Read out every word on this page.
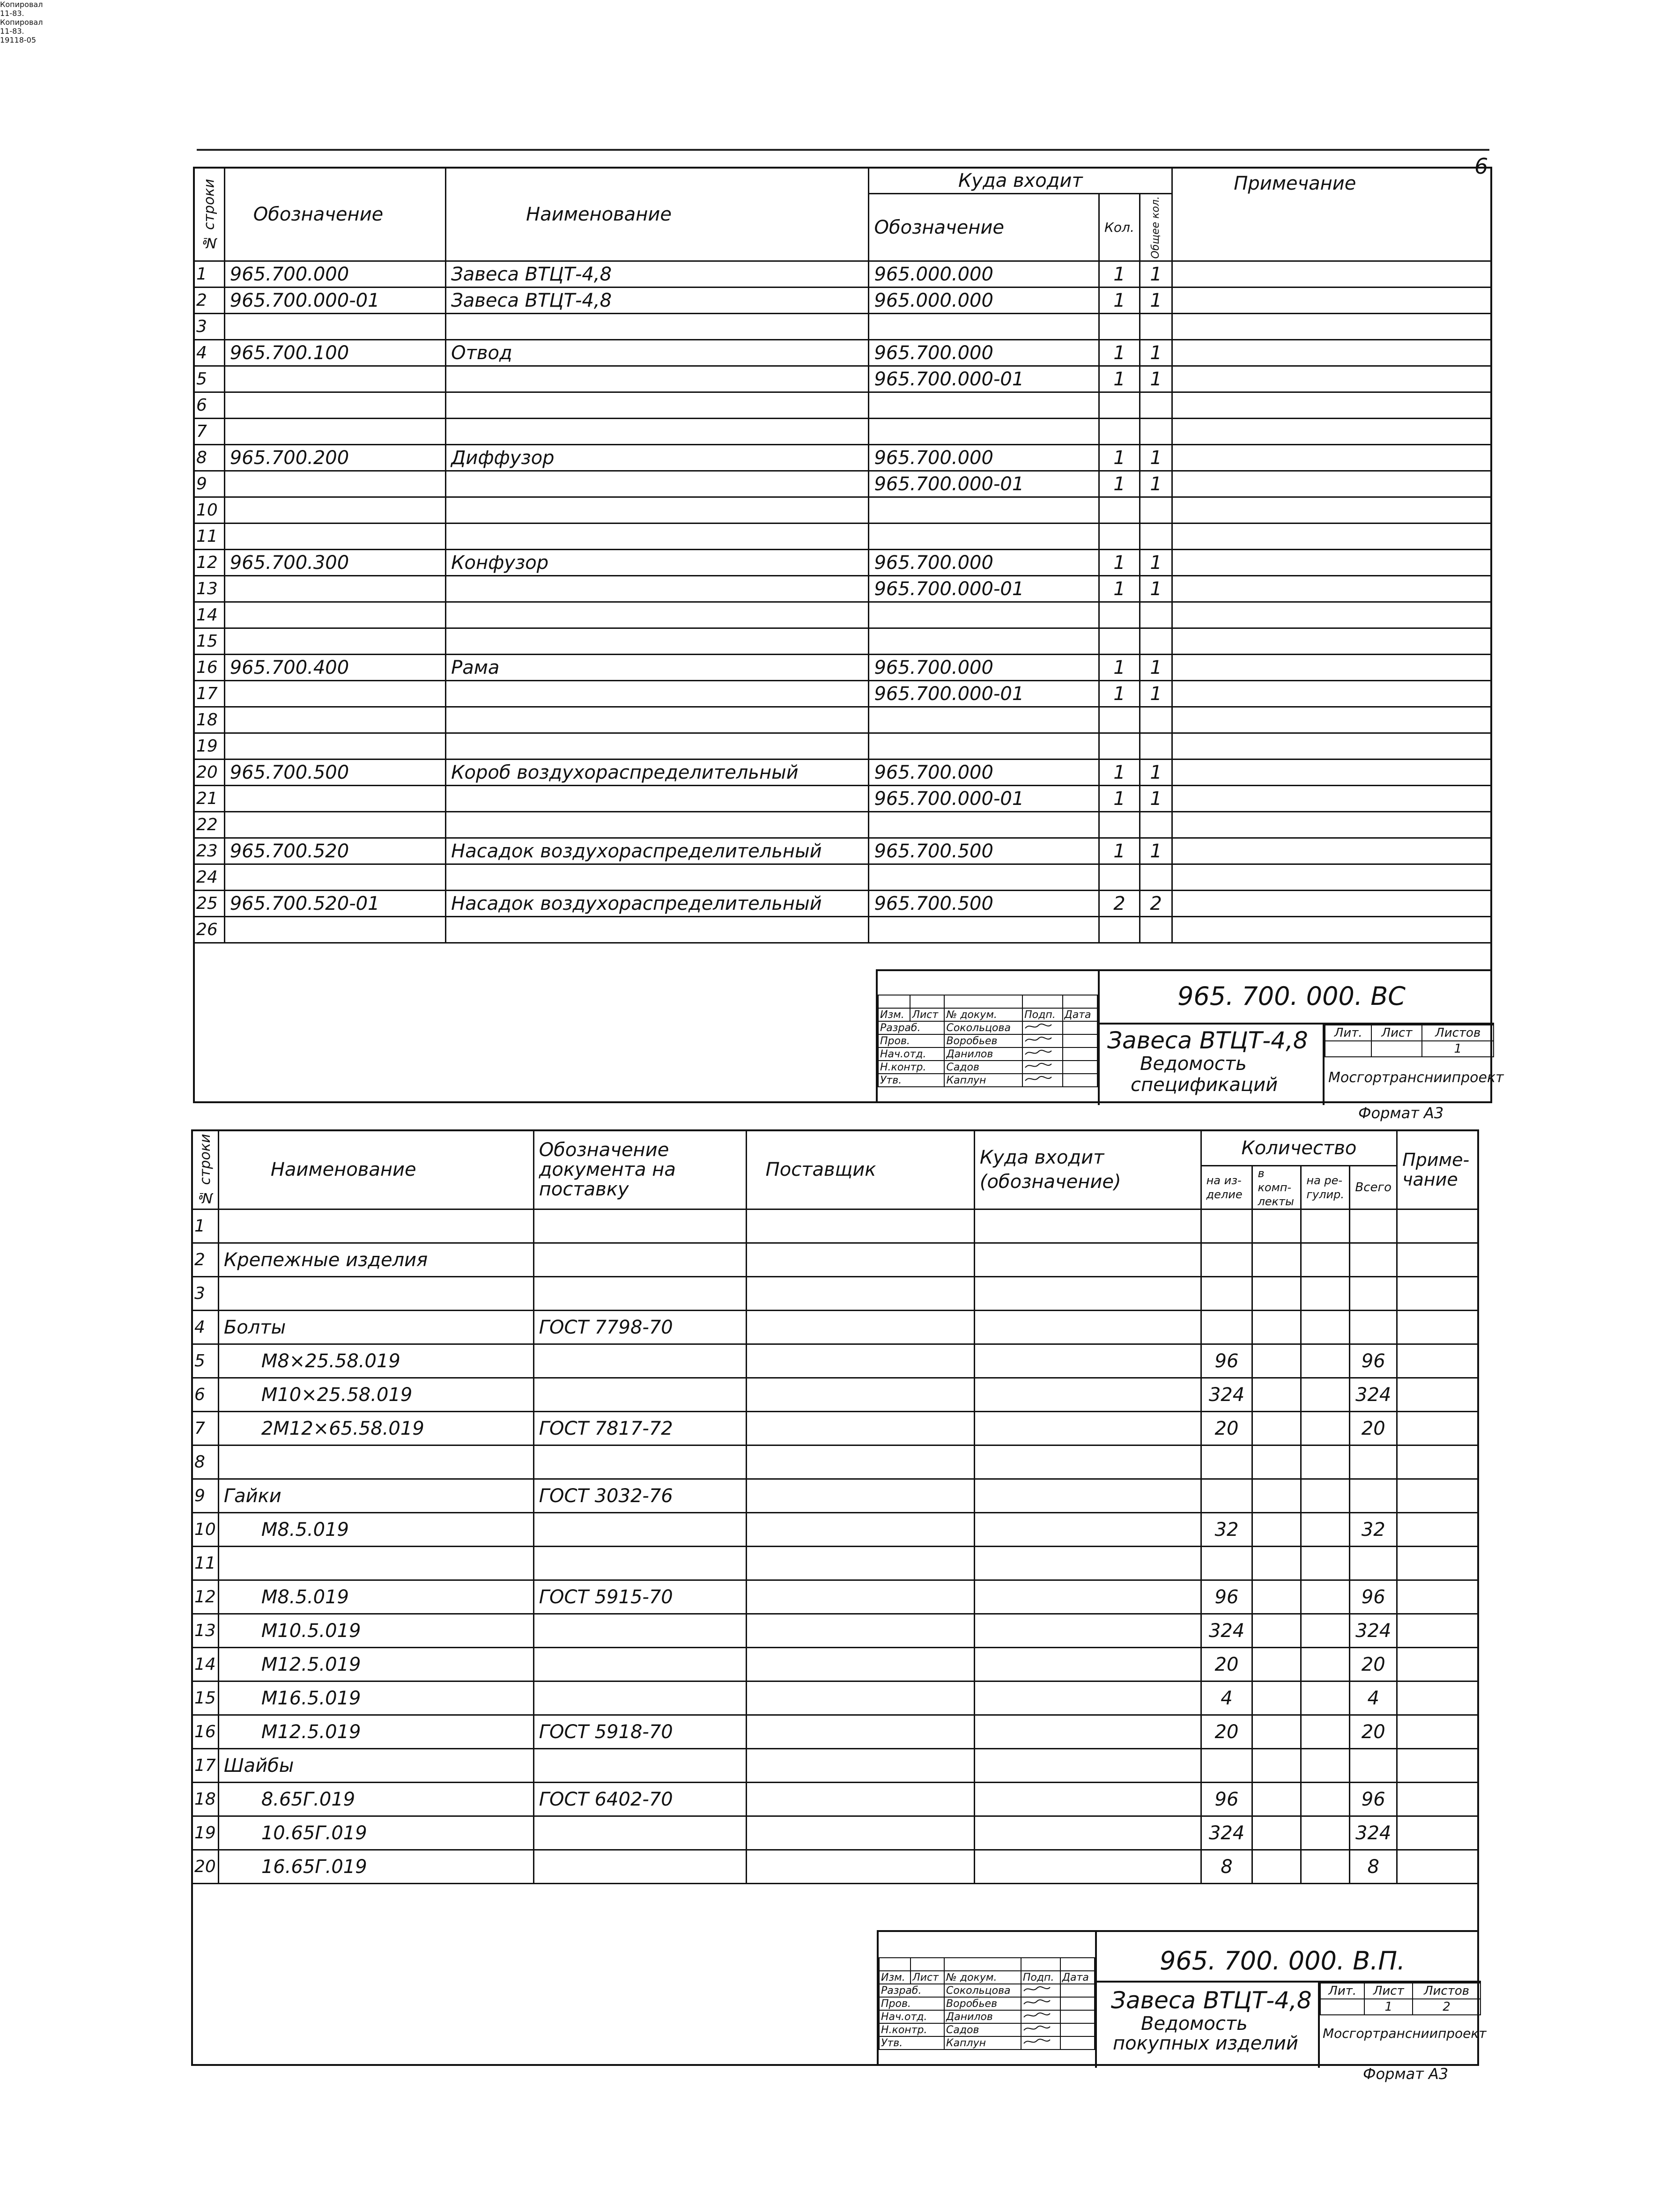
6
№ строки	Обозначение	Наименование	Куда входит			Примечание
			Обозначение	Кол.	Общее кол.	
1	965.700.000	Завеса ВТЦТ-4,8	965.000.000	1	1	
2	965.700.000-01	Завеса ВТЦТ-4,8	965.000.000	1	1	
3						
4	965.700.100	Отвод	965.700.000	1	1	
5			965.700.000-01	1	1	
6						
7						
8	965.700.200	Диффузор	965.700.000	1	1	
9			965.700.000-01	1	1	
10						
11						
12	965.700.300	Конфузор	965.700.000	1	1	
13			965.700.000-01	1	1	
14						
15						
16	965.700.400	Рама	965.700.000	1	1	
17			965.700.000-01	1	1	
18						
19						
20	965.700.500	Короб воздухораспределительный	965.700.000	1	1	
21			965.700.000-01	1	1	
22						
23	965.700.520	Насадок воздухораспределительный	965.700.500	1	1	
24						
25	965.700.520-01	Насадок воздухораспределительный	965.700.500	2	2	
26						

965. 700. 000. ВС
Завеса ВТЦТ-4,8
Ведомость
спецификаций
Лит.	Лист	Листов
		1
Мосгортрансниипроект

Изм.	Лист	№ докум.	Подп.	Дата
Разраб.		Сокольцова		
Пров.		Воробьев		
Нач.отд.		Данилов		
Н.контр.		Садов		
Утв.		Каплун		
Копировал
11-83.
Формат А3
№ строки	Наименование	Обозначение документа на поставку	Поставщик	Куда входит (обозначение)	Количество				Приме- чание
					на из- делие	в комп- лекты	на ре- гулир.	Всего	
1									
2	Крепежные изделия								
3									
4	Болты	ГОСТ 7798-70							
5	М8×25.58.019				96			96	
6	М10×25.58.019				324			324	
7	2М12×65.58.019	ГОСТ 7817-72			20			20	
8									
9	Гайки	ГОСТ 3032-76							
10	М8.5.019				32			32	
11									
12	М8.5.019	ГОСТ 5915-70			96			96	
13	М10.5.019				324			324	
14	М12.5.019				20			20	
15	М16.5.019				4			4	
16	М12.5.019	ГОСТ 5918-70			20			20	
17	Шайбы								
18	8.65Г.019	ГОСТ 6402-70			96			96	
19	10.65Г.019				324			324	
20	16.65Г.019				8			8	
965. 700. 000. В.П.
Завеса ВТЦТ-4,8
Ведомость
покупных изделий
Лит.	Лист	Листов
	1	2
Мосгортрансниипроект

Изм.	Лист	№ докум.	Подп.	Дата
Разраб.		Сокольцова		
Пров.		Воробьев		
Нач.отд.		Данилов		
Н.контр.		Садов		
Утв.		Каплун		
Копировал
11-83.
19118-05
Формат А3
